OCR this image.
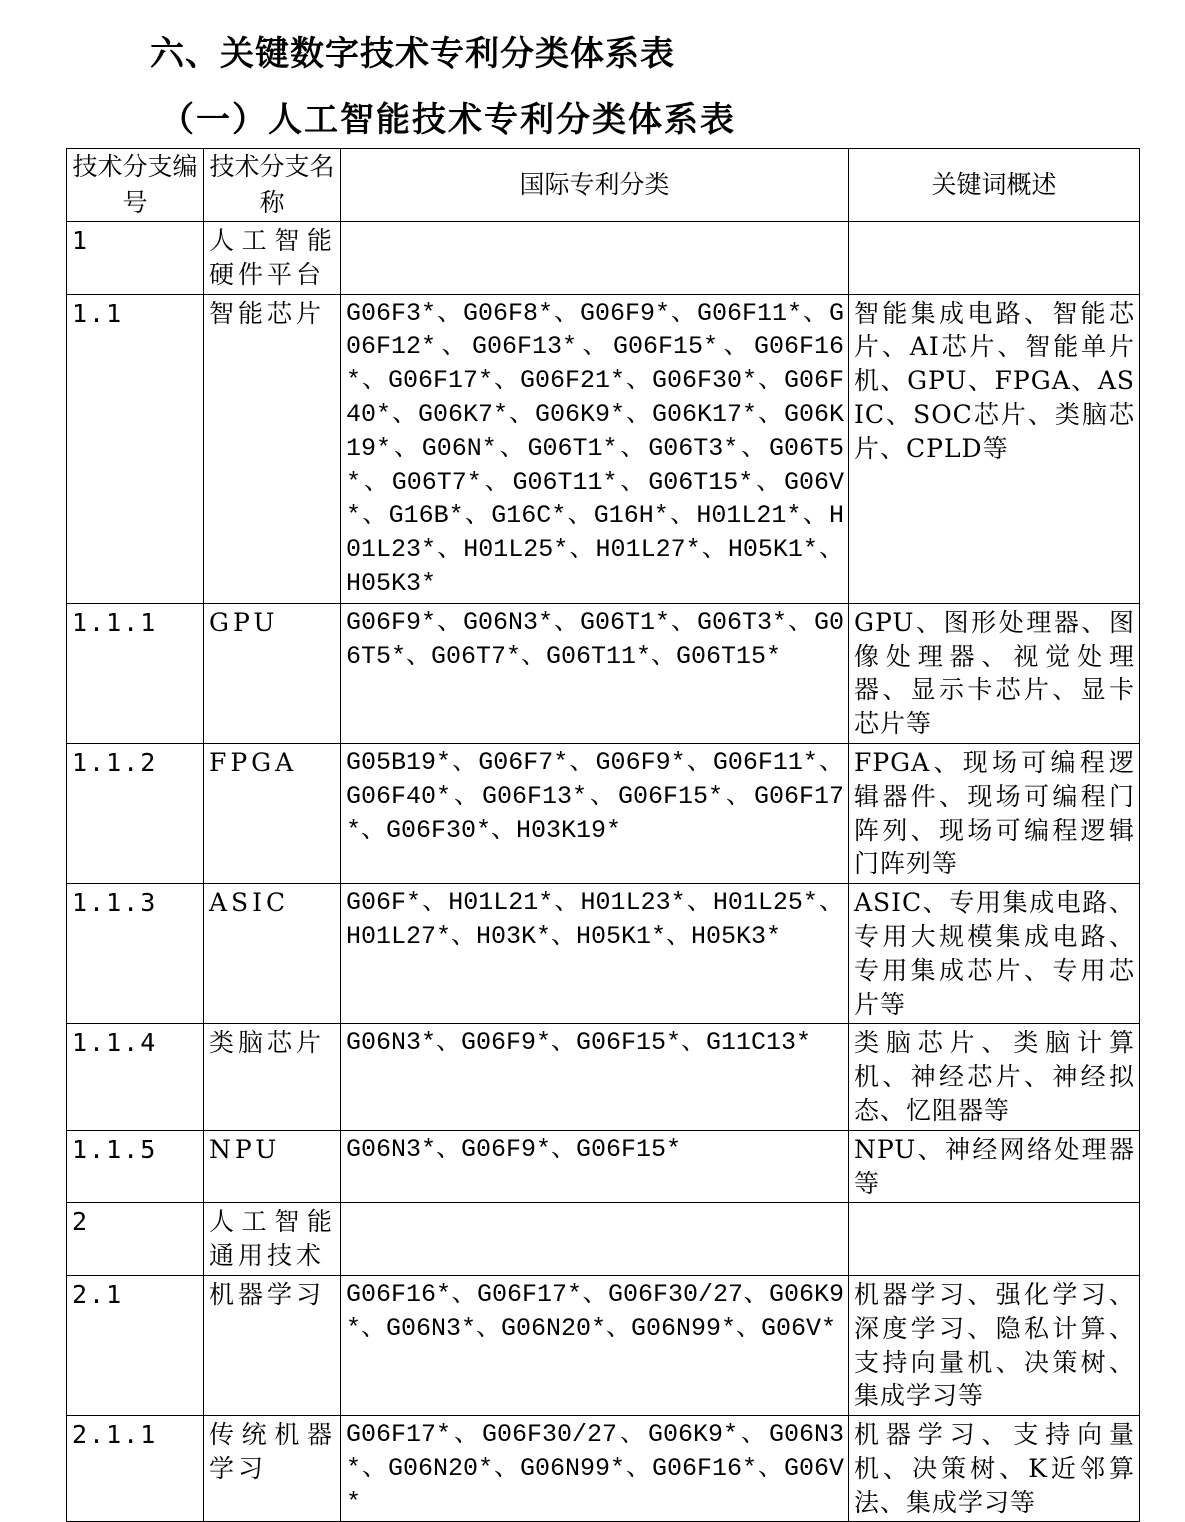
六、关键数字技术专利分类体系表
（一）人工智能技术专利分类体系表
技术分支编号	技术分支名称	国际专利分类	关键词概述
1	人工智能硬件平台		
1.1	智能芯片	G06F3*、G06F8*、G06F9*、G06F11*、G06F12*、G06F13*、G06F15*、G06F16*、G06F17*、G06F21*、G06F30*、G06F40*、G06K7*、G06K9*、G06K17*、G06K19*、G06N*、G06T1*、G06T3*、G06T5*、G06T7*、G06T11*、G06T15*、G06V*、G16B*、G16C*、G16H*、H01L21*、H01L23*、H01L25*、H01L27*、H05K1*、H05K3*	智能集成电路、智能芯片、AI芯片、智能单片机、GPU、FPGA、ASIC、SOC芯片、类脑芯片、CPLD等
1.1.1	GPU	G06F9*、G06N3*、G06T1*、G06T3*、G06T5*、G06T7*、G06T11*、G06T15*	GPU、图形处理器、图像处理器、视觉处理器、显示卡芯片、显卡芯片等
1.1.2	FPGA	G05B19*、G06F7*、G06F9*、G06F11*、G06F40*、G06F13*、G06F15*、G06F17*、G06F30*、H03K19*	FPGA、现场可编程逻辑器件、现场可编程门阵列、现场可编程逻辑门阵列等
1.1.3	ASIC	G06F*、H01L21*、H01L23*、H01L25*、H01L27*、H03K*、H05K1*、H05K3*	ASIC、专用集成电路、专用大规模集成电路、专用集成芯片、专用芯片等
1.1.4	类脑芯片	G06N3*、G06F9*、G06F15*、G11C13*	类脑芯片、类脑计算机、神经芯片、神经拟态、忆阻器等
1.1.5	NPU	G06N3*、G06F9*、G06F15*	NPU、神经网络处理器等
2	人工智能通用技术		
2.1	机器学习	G06F16*、G06F17*、G06F30/27、G06K9*、G06N3*、G06N20*、G06N99*、G06V*	机器学习、强化学习、深度学习、隐私计算、支持向量机、决策树、集成学习等
2.1.1	传统机器学习	G06F17*、G06F30/27、G06K9*、G06N3*、G06N20*、G06N99*、G06F16*、G06V*	机器学习、支持向量机、决策树、K近邻算法、集成学习等
